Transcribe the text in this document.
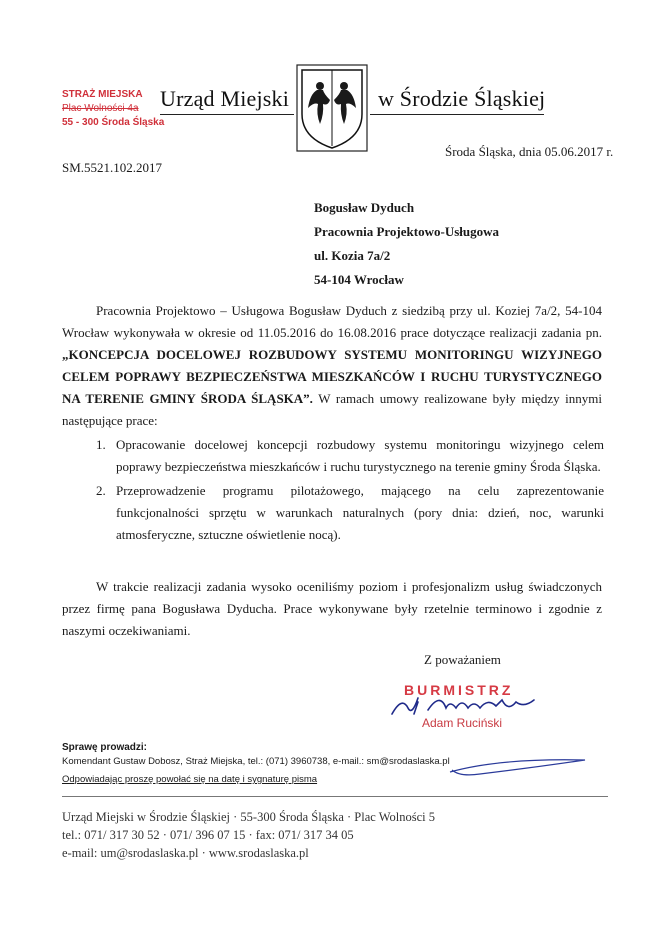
Urząd Miejski	w Środzie Śląskiej
STRAŻ MIEJSKA
Plac Wolności 4a
55 - 300 Środa Śląska
Środa Śląska, dnia 05.06.2017 r.
SM.5521.102.2017
Bogusław Dyduch
Pracownia Projektowo-Usługowa
ul. Kozia 7a/2
54-104 Wrocław
Pracownia Projektowo – Usługowa Bogusław Dyduch z siedzibą przy ul. Koziej 7a/2, 54-104 Wrocław wykonywała w okresie od 11.05.2016 do 16.08.2016 prace dotyczące realizacji zadania pn. „KONCEPCJA DOCELOWEJ ROZBUDOWY SYSTEMU MONITORINGU WIZYJNEGO CELEM POPRAWY BEZPIECZEŃSTWA MIESZKAŃCÓW I RUCHU TURYSTYCZNEGO NA TERENIE GMINY ŚRODA ŚLĄSKA”. W ramach umowy realizowane były między innymi następujące prace:
1. Opracowanie docelowej koncepcji rozbudowy systemu monitoringu wizyjnego celem poprawy bezpieczeństwa mieszkańców i ruchu turystycznego na terenie gminy Środa Śląska.
2. Przeprowadzenie programu pilotażowego, mającego na celu zaprezentowanie funkcjonalności sprzętu w warunkach naturalnych (pory dnia: dzień, noc, warunki atmosferyczne, sztuczne oświetlenie nocą).
W trakcie realizacji zadania wysoko oceniliśmy poziom i profesjonalizm usług świadczonych przez firmę pana Bogusława Dyducha. Prace wykonywane były rzetelnie terminowo i zgodnie z naszymi oczekiwaniami.
Z poważaniem
BURMISTRZ
Adam Ruciński
Sprawę prowadzi:
Komendant Gustaw Dobosz, Straż Miejska, tel.: (071) 3960738, e-mail.: sm@srodaslaska.pl
Odpowiadając proszę powołać się na datę i sygnaturę pisma
Urząd Miejski w Środzie Śląskiej · 55-300 Środa Śląska · Plac Wolności 5
tel.: 071/ 317 30 52 · 071/ 396 07 15 · fax: 071/ 317 34 05
e-mail: um@srodaslaska.pl · www.srodaslaska.pl
